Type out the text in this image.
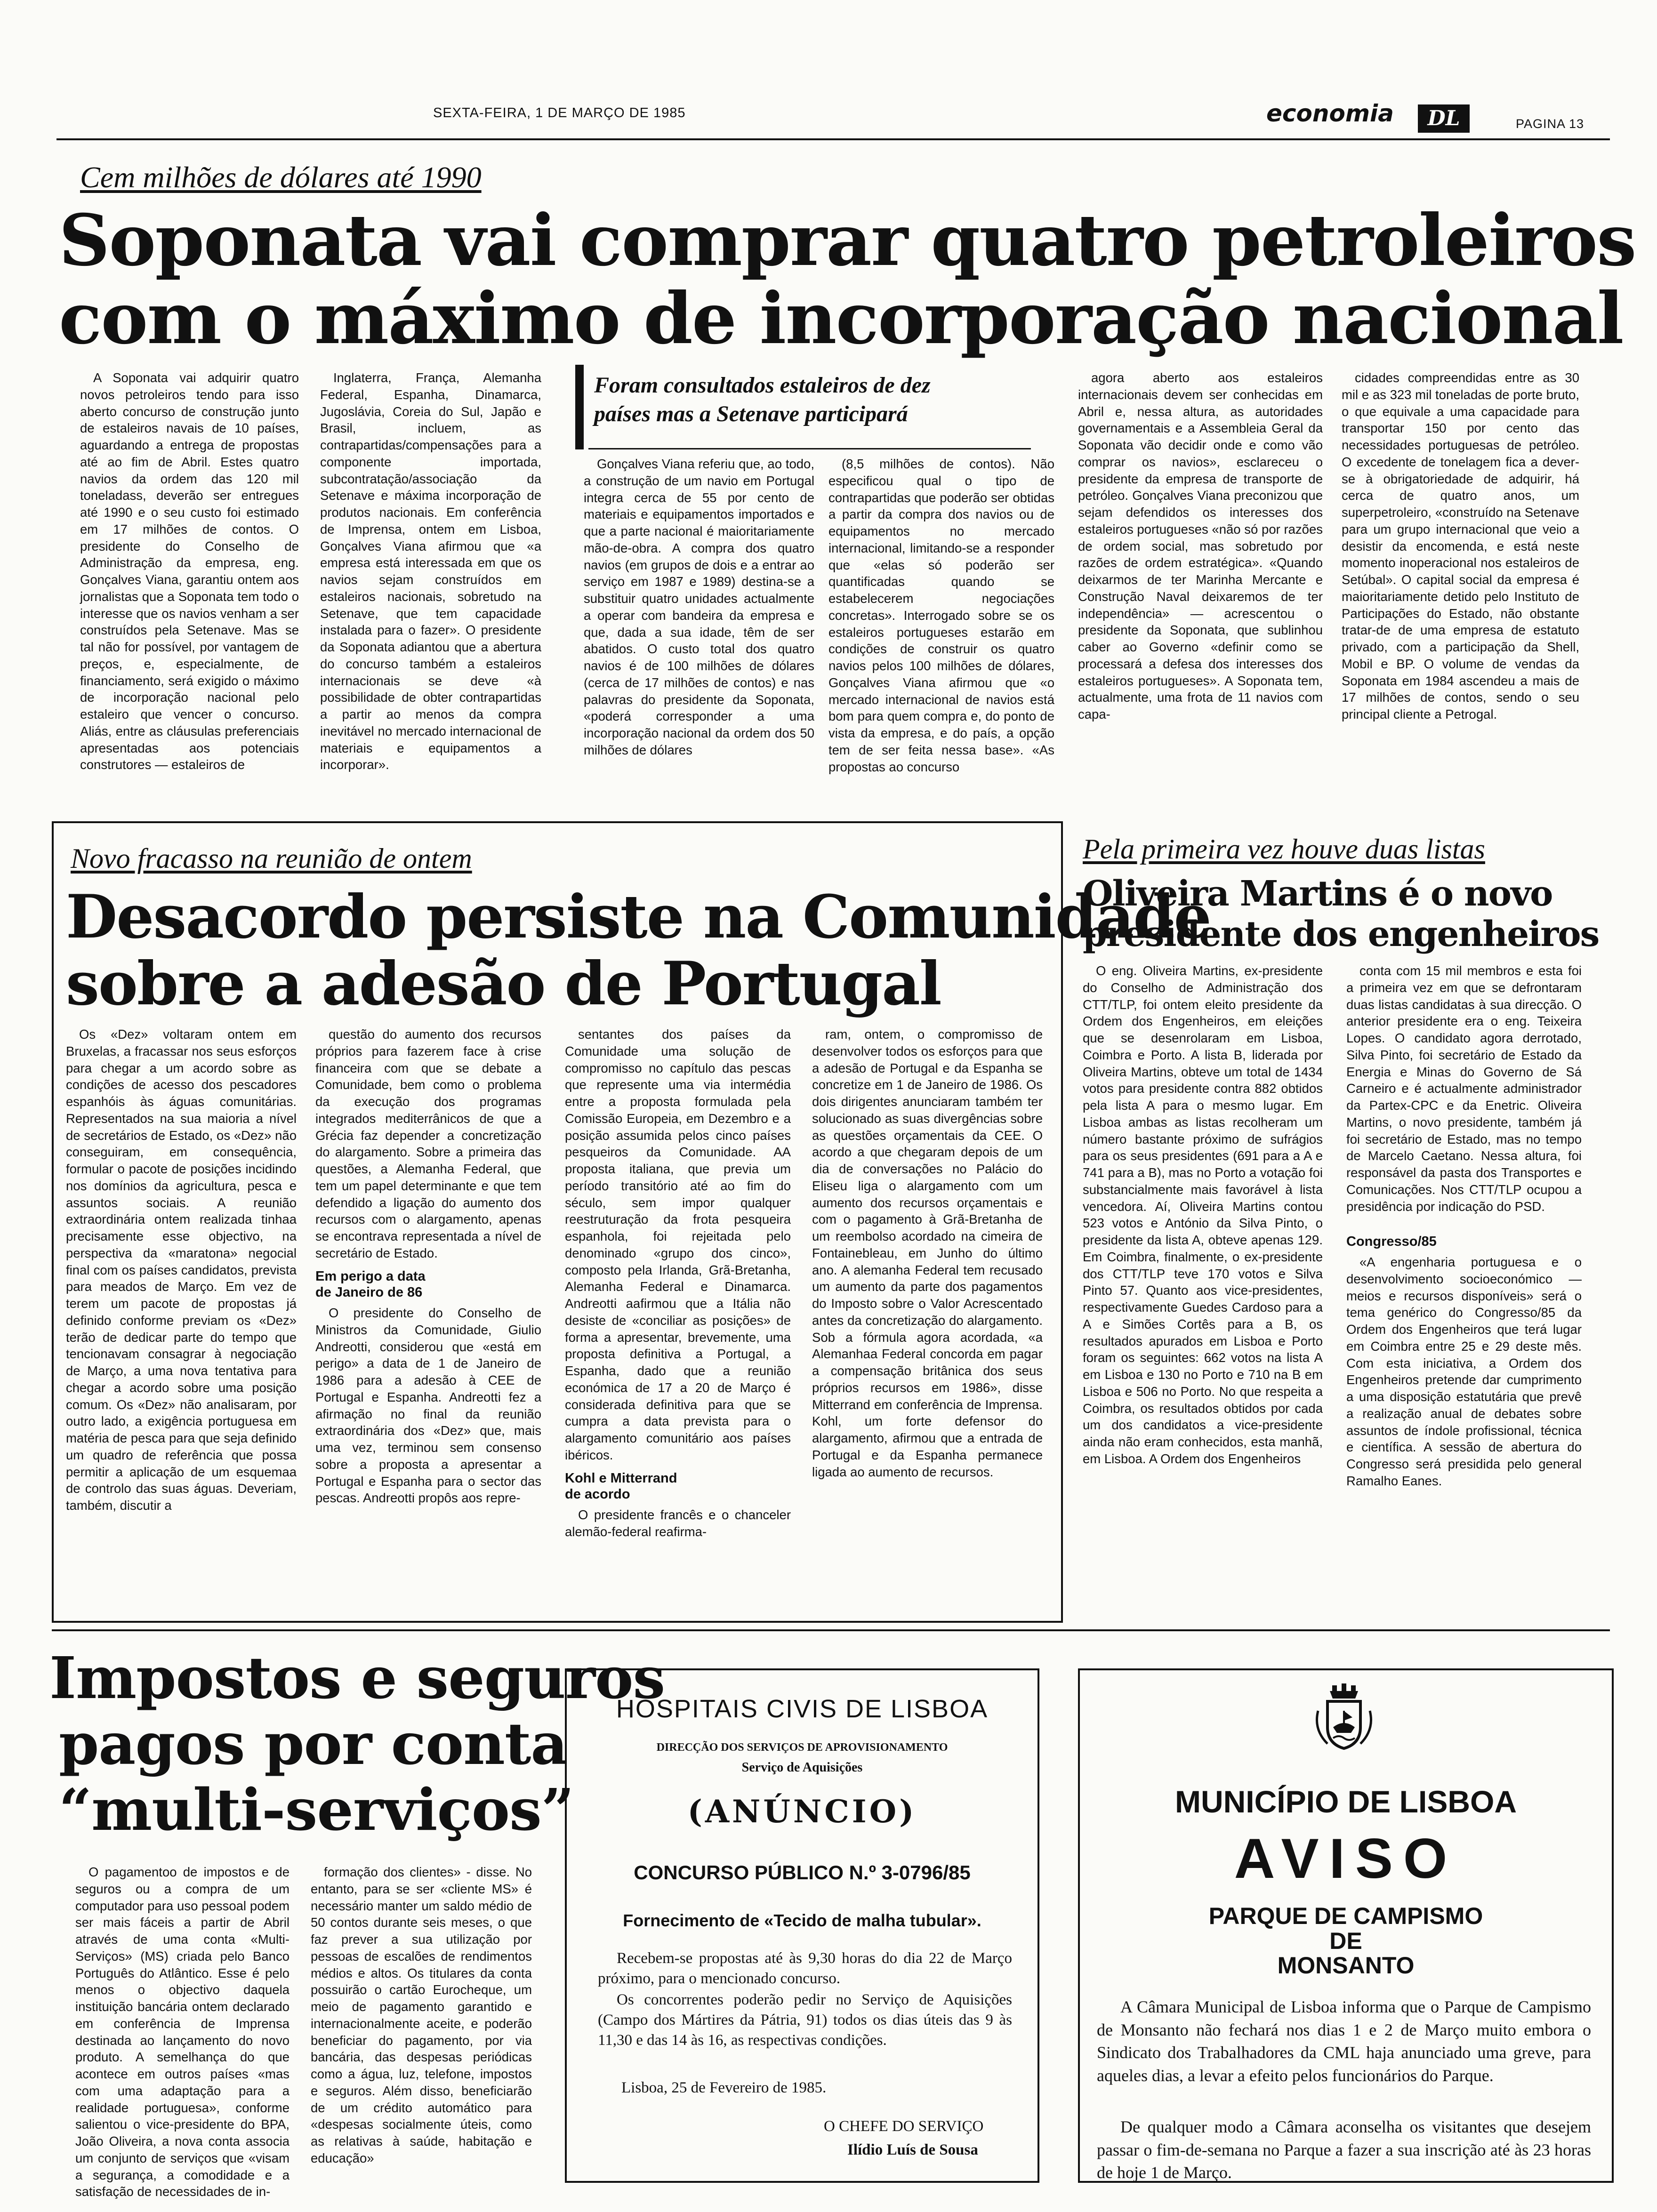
SEXTA-FEIRA, 1 DE MARÇO DE 1985	economia	DL	PAGINA 13
Cem milhões de dólares até 1990
Soponata vai comprar quatro petroleiros
com o máximo de incorporação nacional

A Soponata vai adquirir quatro novos petroleiros tendo para isso aberto concurso de construção junto de estaleiros navais de 10 países, aguardando a entrega de propostas até ao fim de Abril. Estes quatro navios da ordem das 120 mil toneladass, deverão ser entregues até 1990 e o seu custo foi estimado em 17 milhões de contos. O presidente do Conselho de Administração da empresa, eng. Gonçalves Viana, garantiu ontem aos jornalistas que a Soponata tem todo o interesse que os navios venham a ser construídos pela Setenave. Mas se tal não for possível, por vantagem de preços, e, especialmente, de financiamento, será exigido o máximo de incorporação nacional pelo estaleiro que vencer o concurso. Aliás, entre as cláusulas preferenciais apresentadas aos potenciais construtores — estaleiros de

Inglaterra, França, Alemanha Federal, Espanha, Dinamarca, Jugoslávia, Coreia do Sul, Japão e Brasil, incluem, as contrapartidas/compensações para a componente importada, subcontratação/associação da Setenave e máxima incorporação de produtos nacionais. Em conferência de Imprensa, ontem em Lisboa, Gonçalves Viana afirmou que «a empresa está interessada em que os navios sejam construídos em estaleiros nacionais, sobretudo na Setenave, que tem capacidade instalada para o fazer». O presidente da Soponata adiantou que a abertura do concurso também a estaleiros internacionais se deve «à possibilidade de obter contrapartidas a partir ao menos da compra inevitável no mercado internacional de materiais e equipamentos a incorporar».

Foram consultados estaleiros de dez
países mas a Setenave participará

Gonçalves Viana referiu que, ao todo, a construção de um navio em Portugal integra cerca de 55 por cento de materiais e equipamentos importados e que a parte nacional é maioritariamente mão-de-obra. A compra dos quatro navios (em grupos de dois e a entrar ao serviço em 1987 e 1989) destina-se a substituir quatro unidades actualmente a operar com bandeira da empresa e que, dada a sua idade, têm de ser abatidos. O custo total dos quatro navios é de 100 milhões de dólares (cerca de 17 milhões de contos) e nas palavras do presidente da Soponata, «poderá corresponder a uma incorporação nacional da ordem dos 50 milhões de dólares

(8,5 milhões de contos). Não especificou qual o tipo de contrapartidas que poderão ser obtidas a partir da compra dos navios ou de equipamentos no mercado internacional, limitando-se a responder que «elas só poderão ser quantificadas quando se estabelecerem negociações concretas». Interrogado sobre se os estaleiros portugueses estarão em condições de construir os quatro navios pelos 100 milhões de dólares, Gonçalves Viana afirmou que «o mercado internacional de navios está bom para quem compra e, do ponto de vista da empresa, e do país, a opção tem de ser feita nessa base». «As propostas ao concurso

agora aberto aos estaleiros internacionais devem ser conhecidas em Abril e, nessa altura, as autoridades governamentais e a Assembleia Geral da Soponata vão decidir onde e como vão comprar os navios», esclareceu o presidente da empresa de transporte de petróleo. Gonçalves Viana preconizou que sejam defendidos os interesses dos estaleiros portugueses «não só por razões de ordem social, mas sobretudo por razões de ordem estratégica». «Quando deixarmos de ter Marinha Mercante e Construção Naval deixaremos de ter independência» — acrescentou o presidente da Soponata, que sublinhou caber ao Governo «definir como se processará a defesa dos interesses dos estaleiros portugueses». A Soponata tem, actualmente, uma frota de 11 navios com capa-

cidades compreendidas entre as 30 mil e as 323 mil toneladas de porte bruto, o que equivale a uma capacidade para transportar 150 por cento das necessidades portuguesas de petróleo. O excedente de tonelagem fica a dever-se à obrigatoriedade de adquirir, há cerca de quatro anos, um superpetroleiro, «construído na Setenave para um grupo internacional que veio a desistir da encomenda, e está neste momento inoperacional nos estaleiros de Setúbal». O capital social da empresa é maioritariamente detido pelo Instituto de Participações do Estado, não obstante tratar-de de uma empresa de estatuto privado, com a participação da Shell, Mobil e BP. O volume de vendas da Soponata em 1984 ascendeu a mais de 17 milhões de contos, sendo o seu principal cliente a Petrogal.

Novo fracasso na reunião de ontem
Desacordo persiste na Comunidade
sobre a adesão de Portugal

Os «Dez» voltaram ontem em Bruxelas, a fracassar nos seus esforços para chegar a um acordo sobre as condições de acesso dos pescadores espanhóis às águas comunitárias. Representados na sua maioria a nível de secretários de Estado, os «Dez» não conseguiram, em consequência, formular o pacote de posições incidindo nos domínios da agricultura, pesca e assuntos sociais. A reunião extraordinária ontem realizada tinhaa precisamente esse objectivo, na perspectiva da «maratona» negocial final com os países candidatos, prevista para meados de Março. Em vez de terem um pacote de propostas já definido conforme previam os «Dez» terão de dedicar parte do tempo que tencionavam consagrar à negociação de Março, a uma nova tentativa para chegar a acordo sobre uma posição comum. Os «Dez» não analisaram, por outro lado, a exigência portuguesa em matéria de pesca para que seja definido um quadro de referência que possa permitir a aplicação de um esquemaa de controlo das suas águas. Deveriam, também, discutir a

questão do aumento dos recursos próprios para fazerem face à crise financeira com que se debate a Comunidade, bem como o problema da execução dos programas integrados mediterrânicos de que a Grécia faz depender a concretização do alargamento. Sobre a primeira das questões, a Alemanha Federal, que tem um papel determinante e que tem defendido a ligação do aumento dos recursos com o alargamento, apenas se encontrava representada a nível de secretário de Estado.

Em perigo a data
de Janeiro de 86

O presidente do Conselho de Ministros da Comunidade, Giulio Andreotti, considerou que «está em perigo» a data de 1 de Janeiro de 1986 para a adesão à CEE de Portugal e Espanha. Andreotti fez a afirmação no final da reunião extraordinária dos «Dez» que, mais uma vez, terminou sem consenso sobre a proposta a apresentar a Portugal e Espanha para o sector das pescas. Andreotti propôs aos repre-

sentantes dos países da Comunidade uma solução de compromisso no capítulo das pescas que represente uma via intermédia entre a proposta formulada pela Comissão Europeia, em Dezembro e a posição assumida pelos cinco países pesqueiros da Comunidade. AA proposta italiana, que previa um período transitório até ao fim do século, sem impor qualquer reestruturação da frota pesqueira espanhola, foi rejeitada pelo denominado «grupo dos cinco», composto pela Irlanda, Grã-Bretanha, Alemanha Federal e Dinamarca. Andreotti aafirmou que a Itália não desiste de «conciliar as posições» de forma a apresentar, brevemente, uma proposta definitiva a Portugal, a Espanha, dado que a reunião económica de 17 a 20 de Março é considerada definitiva para que se cumpra a data prevista para o alargamento comunitário aos países ibéricos.

Kohl e Mitterrand
de acordo

O presidente francês e o chanceler alemão-federal reafirma-

ram, ontem, o compromisso de desenvolver todos os esforços para que a adesão de Portugal e da Espanha se concretize em 1 de Janeiro de 1986. Os dois dirigentes anunciaram também ter solucionado as suas divergências sobre as questões orçamentais da CEE. O acordo a que chegaram depois de um dia de conversações no Palácio do Eliseu liga o alargamento com um aumento dos recursos orçamentais e com o pagamento à Grã-Bretanha de um reembolso acordado na cimeira de Fontainebleau, em Junho do último ano. A alemanha Federal tem recusado um aumento da parte dos pagamentos do Imposto sobre o Valor Acrescentado antes da concretização do alargamento. Sob a fórmula agora acordada, «a Alemanhaa Federal concorda em pagar a compensação britânica dos seus próprios recursos em 1986», disse Mitterrand em conferência de Imprensa. Kohl, um forte defensor do alargamento, afirmou que a entrada de Portugal e da Espanha permanece ligada ao aumento de recursos.

Pela primeira vez houve duas listas
Oliveira Martins é o novo
presidente dos engenheiros

O eng. Oliveira Martins, ex-presidente do Conselho de Administração dos CTT/TLP, foi ontem eleito presidente da Ordem dos Engenheiros, em eleições que se desenrolaram em Lisboa, Coimbra e Porto. A lista B, liderada por Oliveira Martins, obteve um total de 1434 votos para presidente contra 882 obtidos pela lista A para o mesmo lugar. Em Lisboa ambas as listas recolheram um número bastante próximo de sufrágios para os seus presidentes (691 para a A e 741 para a B), mas no Porto a votação foi substancialmente mais favorável à lista vencedora. Aí, Oliveira Martins contou 523 votos e António da Silva Pinto, o presidente da lista A, obteve apenas 129. Em Coimbra, finalmente, o ex-presidente dos CTT/TLP teve 170 votos e Silva Pinto 57. Quanto aos vice-presidentes, respectivamente Guedes Cardoso para a A e Simões Cortês para a B, os resultados apurados em Lisboa e Porto foram os seguintes: 662 votos na lista A em Lisboa e 130 no Porto e 710 na B em Lisboa e 506 no Porto. No que respeita a Coimbra, os resultados obtidos por cada um dos candidatos a vice-presidente ainda não eram conhecidos, esta manhã, em Lisboa. A Ordem dos Engenheiros

conta com 15 mil membros e esta foi a primeira vez em que se defrontaram duas listas candidatas à sua direcção. O anterior presidente era o eng. Teixeira Lopes. O candidato agora derrotado, Silva Pinto, foi secretário de Estado da Energia e Minas do Governo de Sá Carneiro e é actualmente administrador da Partex-CPC e da Enetric. Oliveira Martins, o novo presidente, também já foi secretário de Estado, mas no tempo de Marcelo Caetano. Nessa altura, foi responsável da pasta dos Transportes e Comunicações. Nos CTT/TLP ocupou a presidência por indicação do PSD.

Congresso/85

«A engenharia portuguesa e o desenvolvimento socioeconómico — meios e recursos disponíveis» será o tema genérico do Congresso/85 da Ordem dos Engenheiros que terá lugar em Coimbra entre 25 e 29 deste mês. Com esta iniciativa, a Ordem dos Engenheiros pretende dar cumprimento a uma disposição estatutária que prevê a realização anual de debates sobre assuntos de índole profissional, técnica e científica. A sessão de abertura do Congresso será presidida pelo general Ramalho Eanes.

Impostos e seguros
pagos por conta
“multi-serviços”

O pagamentoo de impostos e de seguros ou a compra de um computador para uso pessoal podem ser mais fáceis a partir de Abril através de uma conta «Multi-Serviços» (MS) criada pelo Banco Português do Atlântico. Esse é pelo menos o objectivo daquela instituição bancária ontem declarado em conferência de Imprensa destinada ao lançamento do novo produto. A semelhança do que acontece em outros países «mas com uma adaptação para a realidade portuguesa», conforme salientou o vice-presidente do BPA, João Oliveira, a nova conta associa um conjunto de serviços que «visam a segurança, a comodidade e a satisfação de necessidades de in-

formação dos clientes» - disse. No entanto, para se ser «cliente MS» é necessário manter um saldo médio de 50 contos durante seis meses, o que faz prever a sua utilização por pessoas de escalões de rendimentos médios e altos. Os titulares da conta possuirão o cartão Eurocheque, um meio de pagamento garantido e internacionalmente aceite, e poderão beneficiar do pagamento, por via bancária, das despesas periódicas como a água, luz, telefone, impostos e seguros. Além disso, beneficiarão de um crédito automático para «despesas socialmente úteis, como as relativas à saúde, habitação e educação»

HOSPITAIS CIVIS DE LISBOA
DIRECÇÃO DOS SERVIÇOS DE APROVISIONAMENTO
Serviço de Aquisições
(ANÚNCIO)
CONCURSO PÚBLICO N.º 3-0796/85
Fornecimento de «Tecido de malha tubular».
Recebem-se propostas até às 9,30 horas do dia 22 de Março próximo, para o mencionado concurso.
Os concorrentes poderão pedir no Serviço de Aquisições (Campo dos Mártires da Pátria, 91) todos os dias úteis das 9 às 11,30 e das 14 às 16, as respectivas condições.
Lisboa, 25 de Fevereiro de 1985.
O CHEFE DO SERVIÇO
Ilídio Luís de Sousa
MUNICÍPIO DE LISBOA
AVISO
PARQUE DE CAMPISMO
DE
MONSANTO
A Câmara Municipal de Lisboa informa que o Parque de Campismo de Monsanto não fechará nos dias 1 e 2 de Março muito embora o Sindicato dos Trabalhadores da CML haja anunciado uma greve, para aqueles dias, a levar a efeito pelos funcionários do Parque.
De qualquer modo a Câmara aconselha os visitantes que desejem passar o fim-de-semana no Parque a fazer a sua inscrição até às 23 horas de hoje 1 de Março.
